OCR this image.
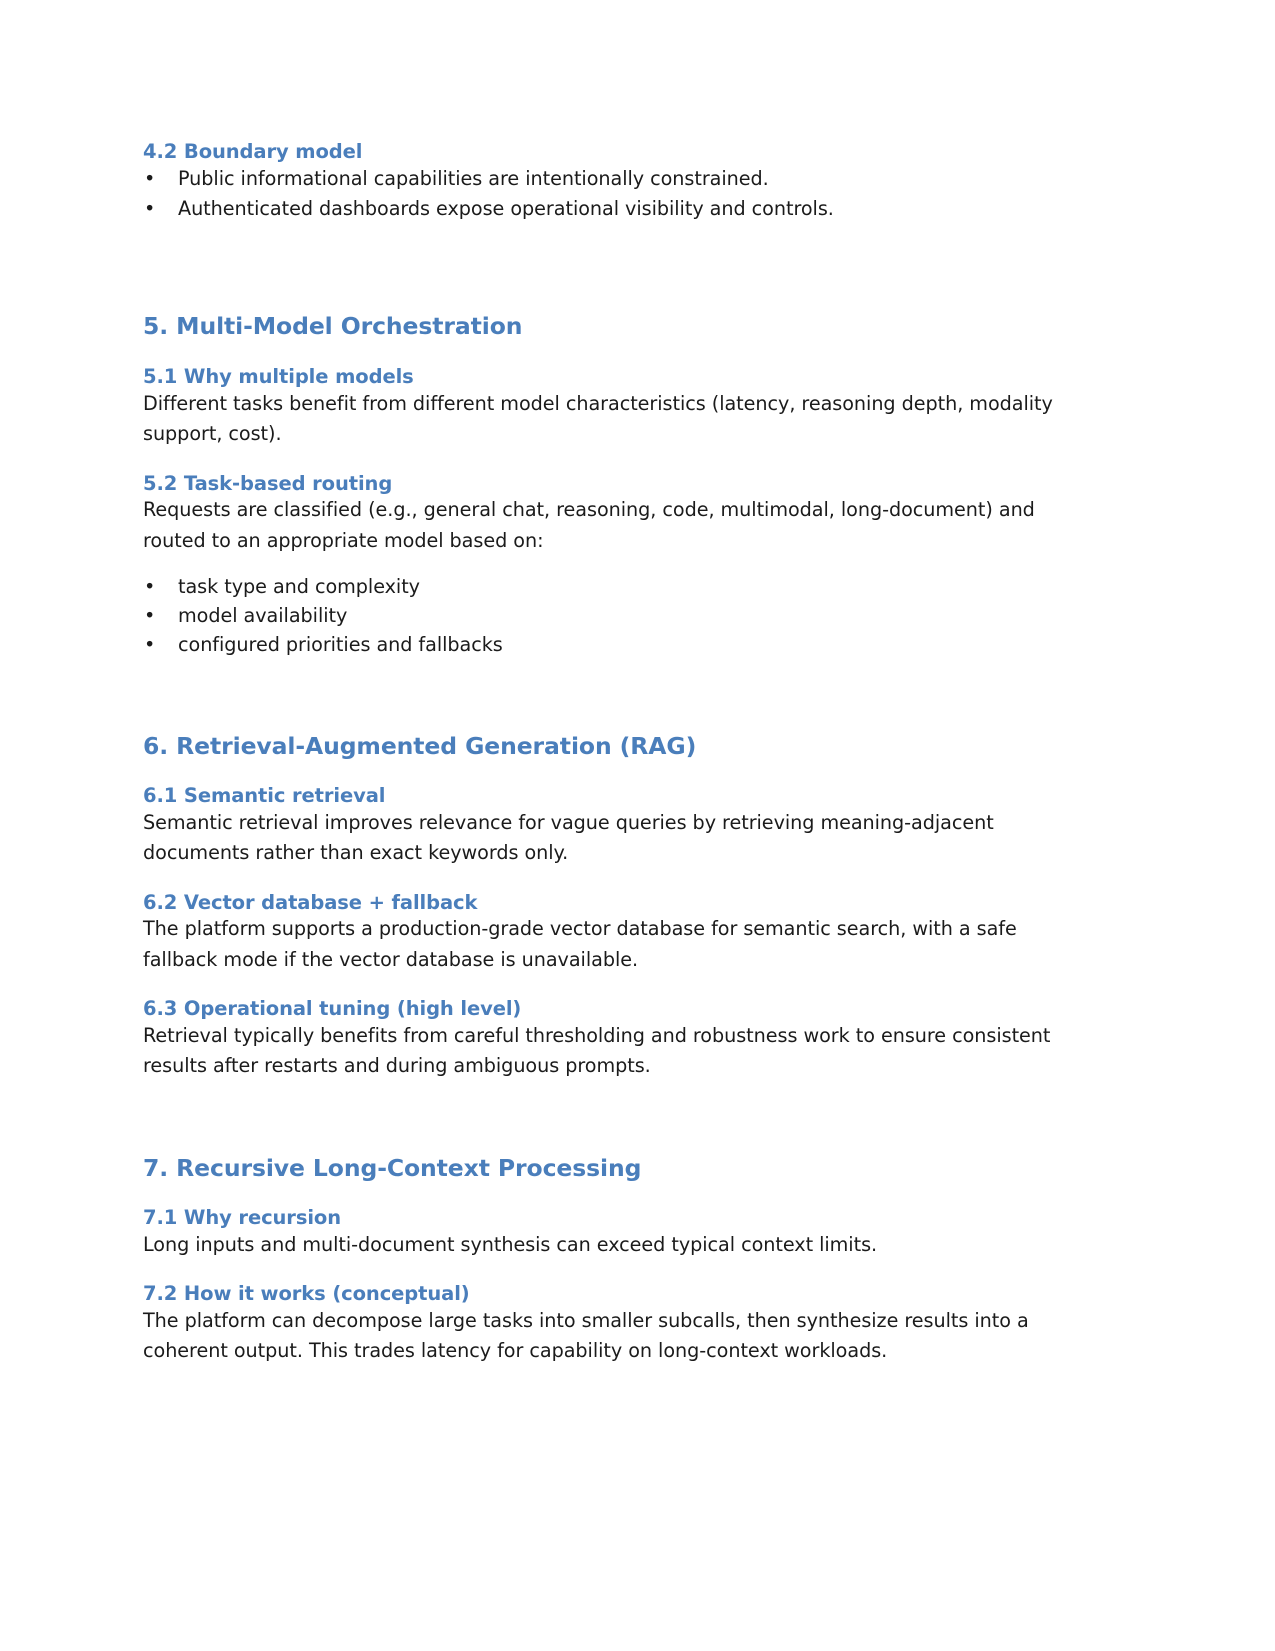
4.2 Boundary model
• Public informational capabilities are intentionally constrained.
• Authenticated dashboards expose operational visibility and controls.
5. Multi-Model Orchestration
5.1 Why multiple models

Different tasks benefit from different model characteristics (latency, reasoning depth, modality support, cost).

5.2 Task-based routing

Requests are classified (e.g., general chat, reasoning, code, multimodal, long-document) and routed to an appropriate model based on:

• task type and complexity
• model availability
• configured priorities and fallbacks
6. Retrieval-Augmented Generation (RAG)
6.1 Semantic retrieval

Semantic retrieval improves relevance for vague queries by retrieving meaning-adjacent documents rather than exact keywords only.

6.2 Vector database + fallback

The platform supports a production-grade vector database for semantic search, with a safe fallback mode if the vector database is unavailable.

6.3 Operational tuning (high level)

Retrieval typically benefits from careful thresholding and robustness work to ensure consistent results after restarts and during ambiguous prompts.

7. Recursive Long-Context Processing
7.1 Why recursion

Long inputs and multi-document synthesis can exceed typical context limits.

7.2 How it works (conceptual)

The platform can decompose large tasks into smaller subcalls, then synthesize results into a coherent output. This trades latency for capability on long-context workloads.
